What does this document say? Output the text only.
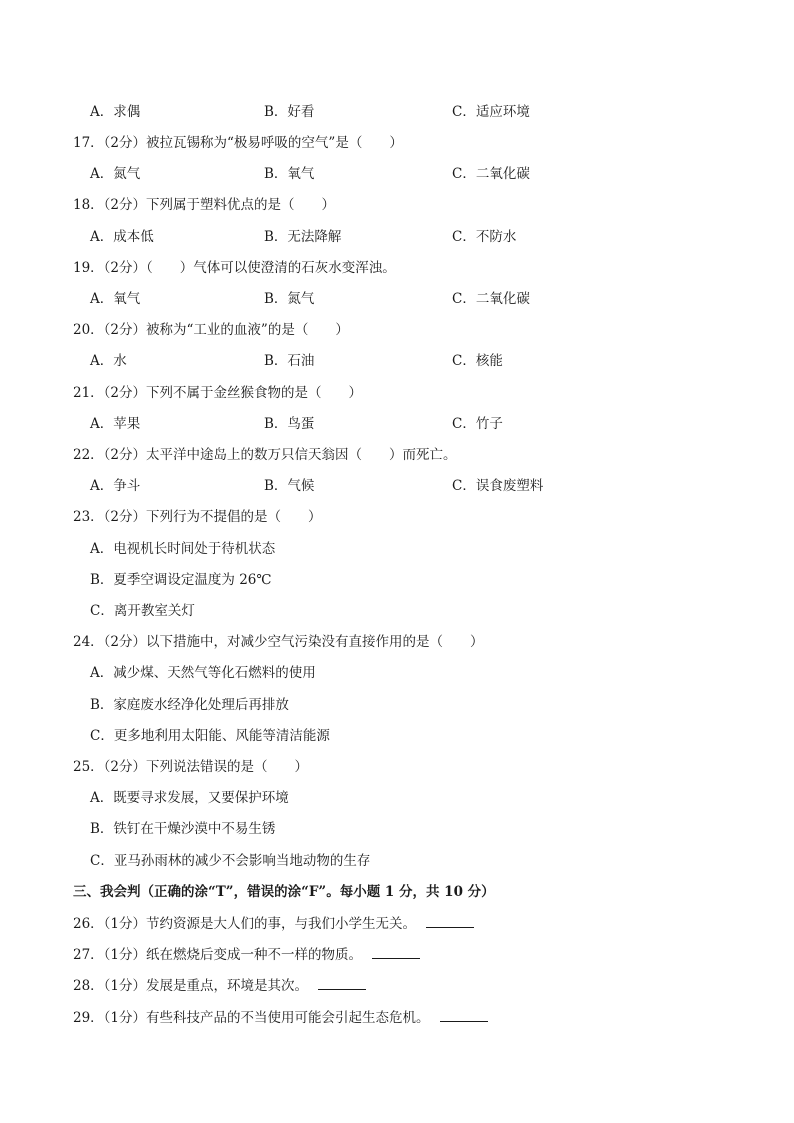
A．求偶	B．好看	C．适应环境
17．（2分）被拉瓦锡称为“极易呼吸的空气”是（　　）
A．氮气	B．氧气	C．二氧化碳
18．（2分）下列属于塑料优点的是（　　）
A．成本低	B．无法降解	C．不防水
19．（2分）（　　）气体可以使澄清的石灰水变浑浊。
A．氧气	B．氮气	C．二氧化碳
20．（2分）被称为“工业的血液”的是（　　）
A．水	B．石油	C．核能
21．（2分）下列不属于金丝猴食物的是（　　）
A．苹果	B．鸟蛋	C．竹子
22．（2分）太平洋中途岛上的数万只信天翁因（　　）而死亡。
A．争斗	B．气候	C．误食废塑料
23．（2分）下列行为不提倡的是（　　）
A．电视机长时间处于待机状态
B．夏季空调设定温度为 26℃
C．离开教室关灯
24．（2分）以下措施中，对减少空气污染没有直接作用的是（　　）
A．减少煤、天然气等化石燃料的使用
B．家庭废水经净化处理后再排放
C．更多地利用太阳能、风能等清洁能源
25．（2分）下列说法错误的是（　　）
A．既要寻求发展，又要保护环境
B．铁钉在干燥沙漠中不易生锈
C．亚马孙雨林的减少不会影响当地动物的生存
三、我会判（正确的涂“T”，错误的涂“F”。每小题 1 分，共 10 分）
26．（1分）节约资源是大人们的事，与我们小学生无关。
27．（1分）纸在燃烧后变成一种不一样的物质。
28．（1分）发展是重点，环境是其次。
29．（1分）有些科技产品的不当使用可能会引起生态危机。
